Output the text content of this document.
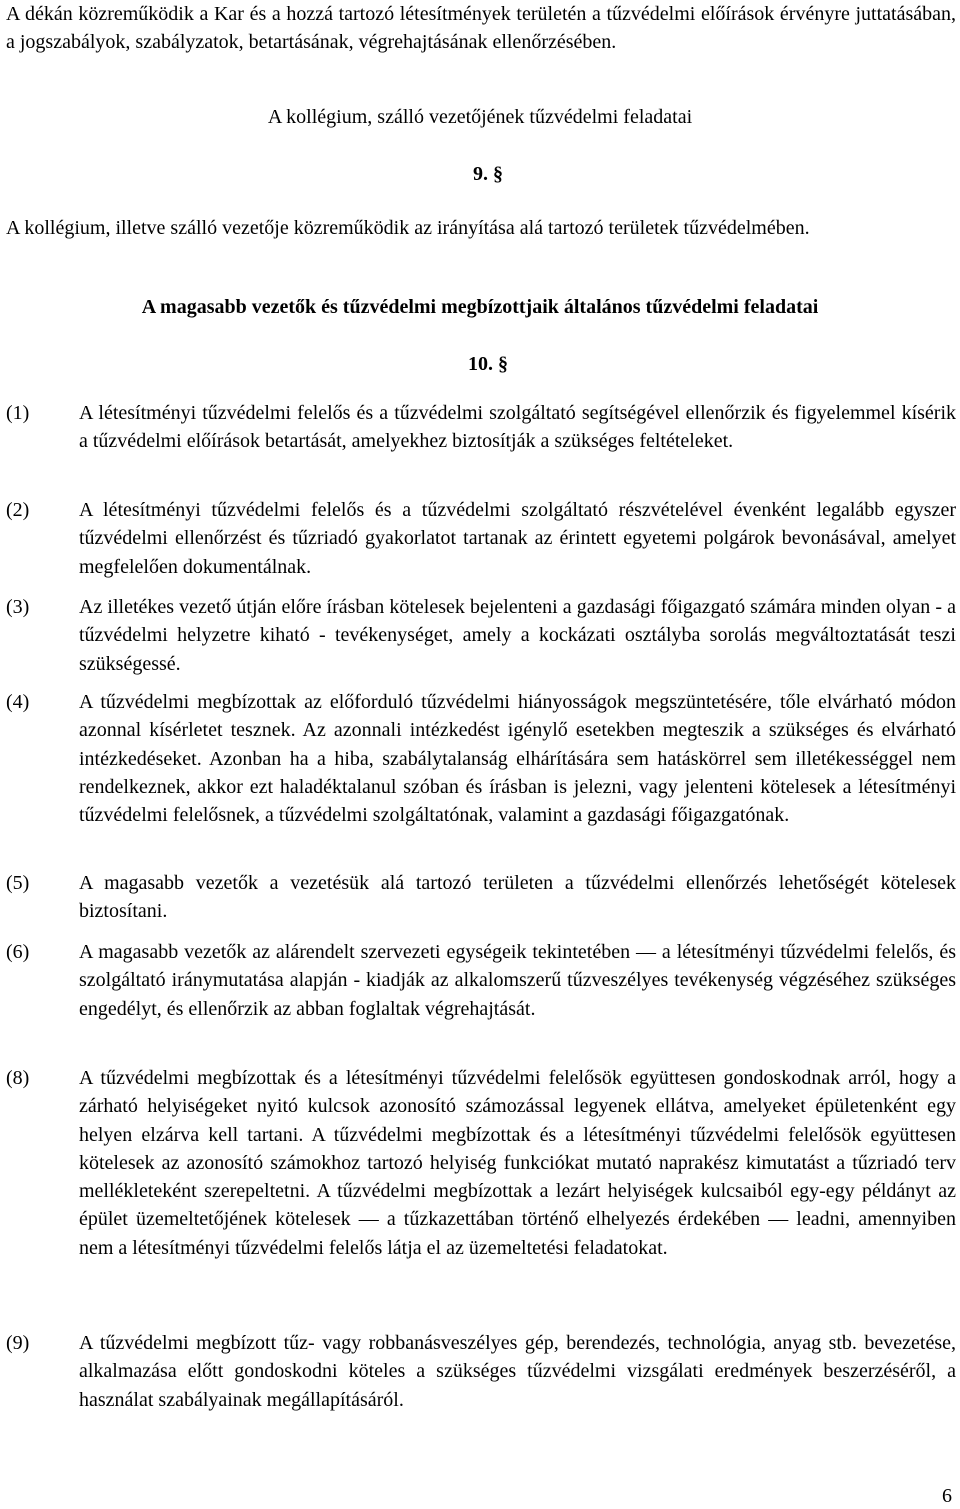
A dékán közreműködik a Kar és a hozzá tartozó létesítmények területén a tűzvédelmi előírások érvényre juttatásában, a jogszabályok, szabályzatok, betartásának, végrehajtásának ellenőrzésében.

A kollégium, szálló vezetőjének tűzvédelmi feladatai

9. §

A kollégium, illetve szálló vezetője közreműködik az irányítása alá tartozó területek tűzvédelmében.

A magasabb vezetők és tűzvédelmi megbízottjaik általános tűzvédelmi feladatai

10. §

(1) A létesítményi tűzvédelmi felelős és a tűzvédelmi szolgáltató segítségével ellenőrzik és figyelemmel kísérik a tűzvédelmi előírások betartását, amelyekhez biztosítják a szükséges feltételeket.
(2) A létesítményi tűzvédelmi felelős és a tűzvédelmi szolgáltató részvételével évenként legalább egyszer tűzvédelmi ellenőrzést és tűzriadó gyakorlatot tartanak az érintett egyetemi polgárok bevonásával, amelyet megfelelően dokumentálnak.
(3) Az illetékes vezető útján előre írásban kötelesek bejelenteni a gazdasági főigazgató számára minden olyan - a tűzvédelmi helyzetre kiható - tevékenységet, amely a kockázati osztályba sorolás megváltoztatását teszi szükségessé.
(4) A tűzvédelmi megbízottak az előforduló tűzvédelmi hiányosságok megszüntetésére, tőle elvárható módon azonnal kísérletet tesznek. Az azonnali intézkedést igénylő esetekben megteszik a szükséges és elvárható intézkedéseket. Azonban ha a hiba, szabálytalanság elhárítására sem hatáskörrel sem illetékességgel nem rendelkeznek, akkor ezt haladéktalanul szóban és írásban is jelezni, vagy jelenteni kötelesek a létesítményi tűzvédelmi felelősnek, a tűzvédelmi szolgáltatónak, valamint a gazdasági főigazgatónak.
(5) A magasabb vezetők a vezetésük alá tartozó területen a tűzvédelmi ellenőrzés lehetőségét kötelesek biztosítani.
(6) A magasabb vezetők az alárendelt szervezeti egységeik tekintetében — a létesítményi tűzvédelmi felelős, és szolgáltató iránymutatása alapján - kiadják az alkalomszerű tűzveszélyes tevékenység végzéséhez szükséges engedélyt, és ellenőrzik az abban foglaltak végrehajtását.
(8) A tűzvédelmi megbízottak és a létesítményi tűzvédelmi felelősök együttesen gondoskodnak arról, hogy a zárható helyiségeket nyitó kulcsok azonosító számozással legyenek ellátva, amelyeket épületenként egy helyen elzárva kell tartani. A tűzvédelmi megbízottak és a létesítményi tűzvédelmi felelősök együttesen kötelesek az azonosító számokhoz tartozó helyiség funkciókat mutató naprakész kimutatást a tűzriadó terv mellékleteként szerepeltetni. A tűzvédelmi megbízottak a lezárt helyiségek kulcsaiból egy-egy példányt az épület üzemeltetőjének kötelesek — a tűzkazettában történő elhelyezés érdekében — leadni, amennyiben nem a létesítményi tűzvédelmi felelős látja el az üzemeltetési feladatokat.
(9) A tűzvédelmi megbízott tűz- vagy robbanásveszélyes gép, berendezés, technológia, anyag stb. bevezetése, alkalmazása előtt gondoskodni köteles a szükséges tűzvédelmi vizsgálati eredmények beszerzéséről, a használat szabályainak megállapításáról.
6
